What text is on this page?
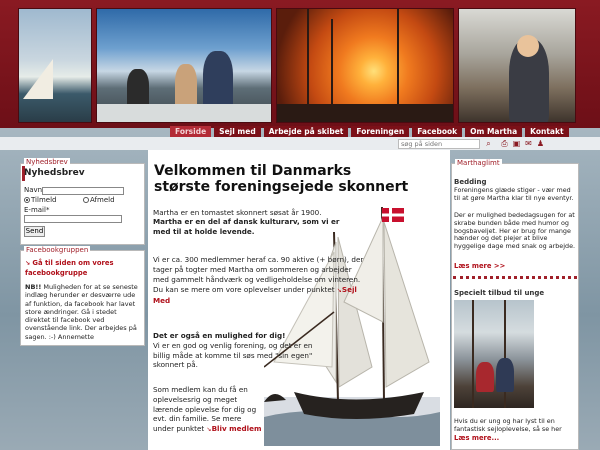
Forside	Sejl med	Arbejde på skibet	Foreningen	Facebook	Om Martha	Kontakt
søg på siden
⌕ ⎙ ▣ ✉ ♟
Velkommen til Danmarks
største foreningsejede skonnert

Martha er en tomastet skonnert søsat år 1900.
Martha er en del af dansk kulturarv, som vi er med til at holde levende.

Vi er ca. 300 medlemmer heraf ca. 90 aktive (+ børn), der tager på togter med Martha om sommeren og arbejder med gammelt håndværk og vedligeholdelse om vinteren. Du kan se mere om vore oplevelser under punktet ↘Sejl Med

Det er også en mulighed for dig!
Vi er en god og venlig forening, og det er en billig måde at komme til søs med "sin egen" skonnert på.

Som medlem kan du få en oplevelsesrig og meget lærende oplevelse for dig og evt. din familie. Se mere under punktet ↘Bliv medlem

Nyhedsbrev
Nyhedsbrev
Navn
Tilmeld	Afmeld
E-mail*
Send
Facebookgruppen
↘ Gå til siden om vores facebookgruppe
NB!! Muligheden for at se seneste indlæg herunder er desværre ude af funktion, da facebook har lavet store ændringer. Gå i stedet direktet til facebook ved ovenstående link. Der arbejdes på sagen. :-) Annemette
Marthaglimt
Bedding
Foreningens glæde stiger - vær med til at gøre Martha klar til nye eventyr.
Der er mulighed bededagsugen for at skrabe bunden både med humor og bogsbaveljet. Her er brug for mange hænder og det plejer at blive hyggelige dage med snak og arbejde.
Læs mere >>
Specielt tilbud til unge
Hvis du er ung og har lyst til en fantastisk sejloplevelse, så se her
Læs mere...
